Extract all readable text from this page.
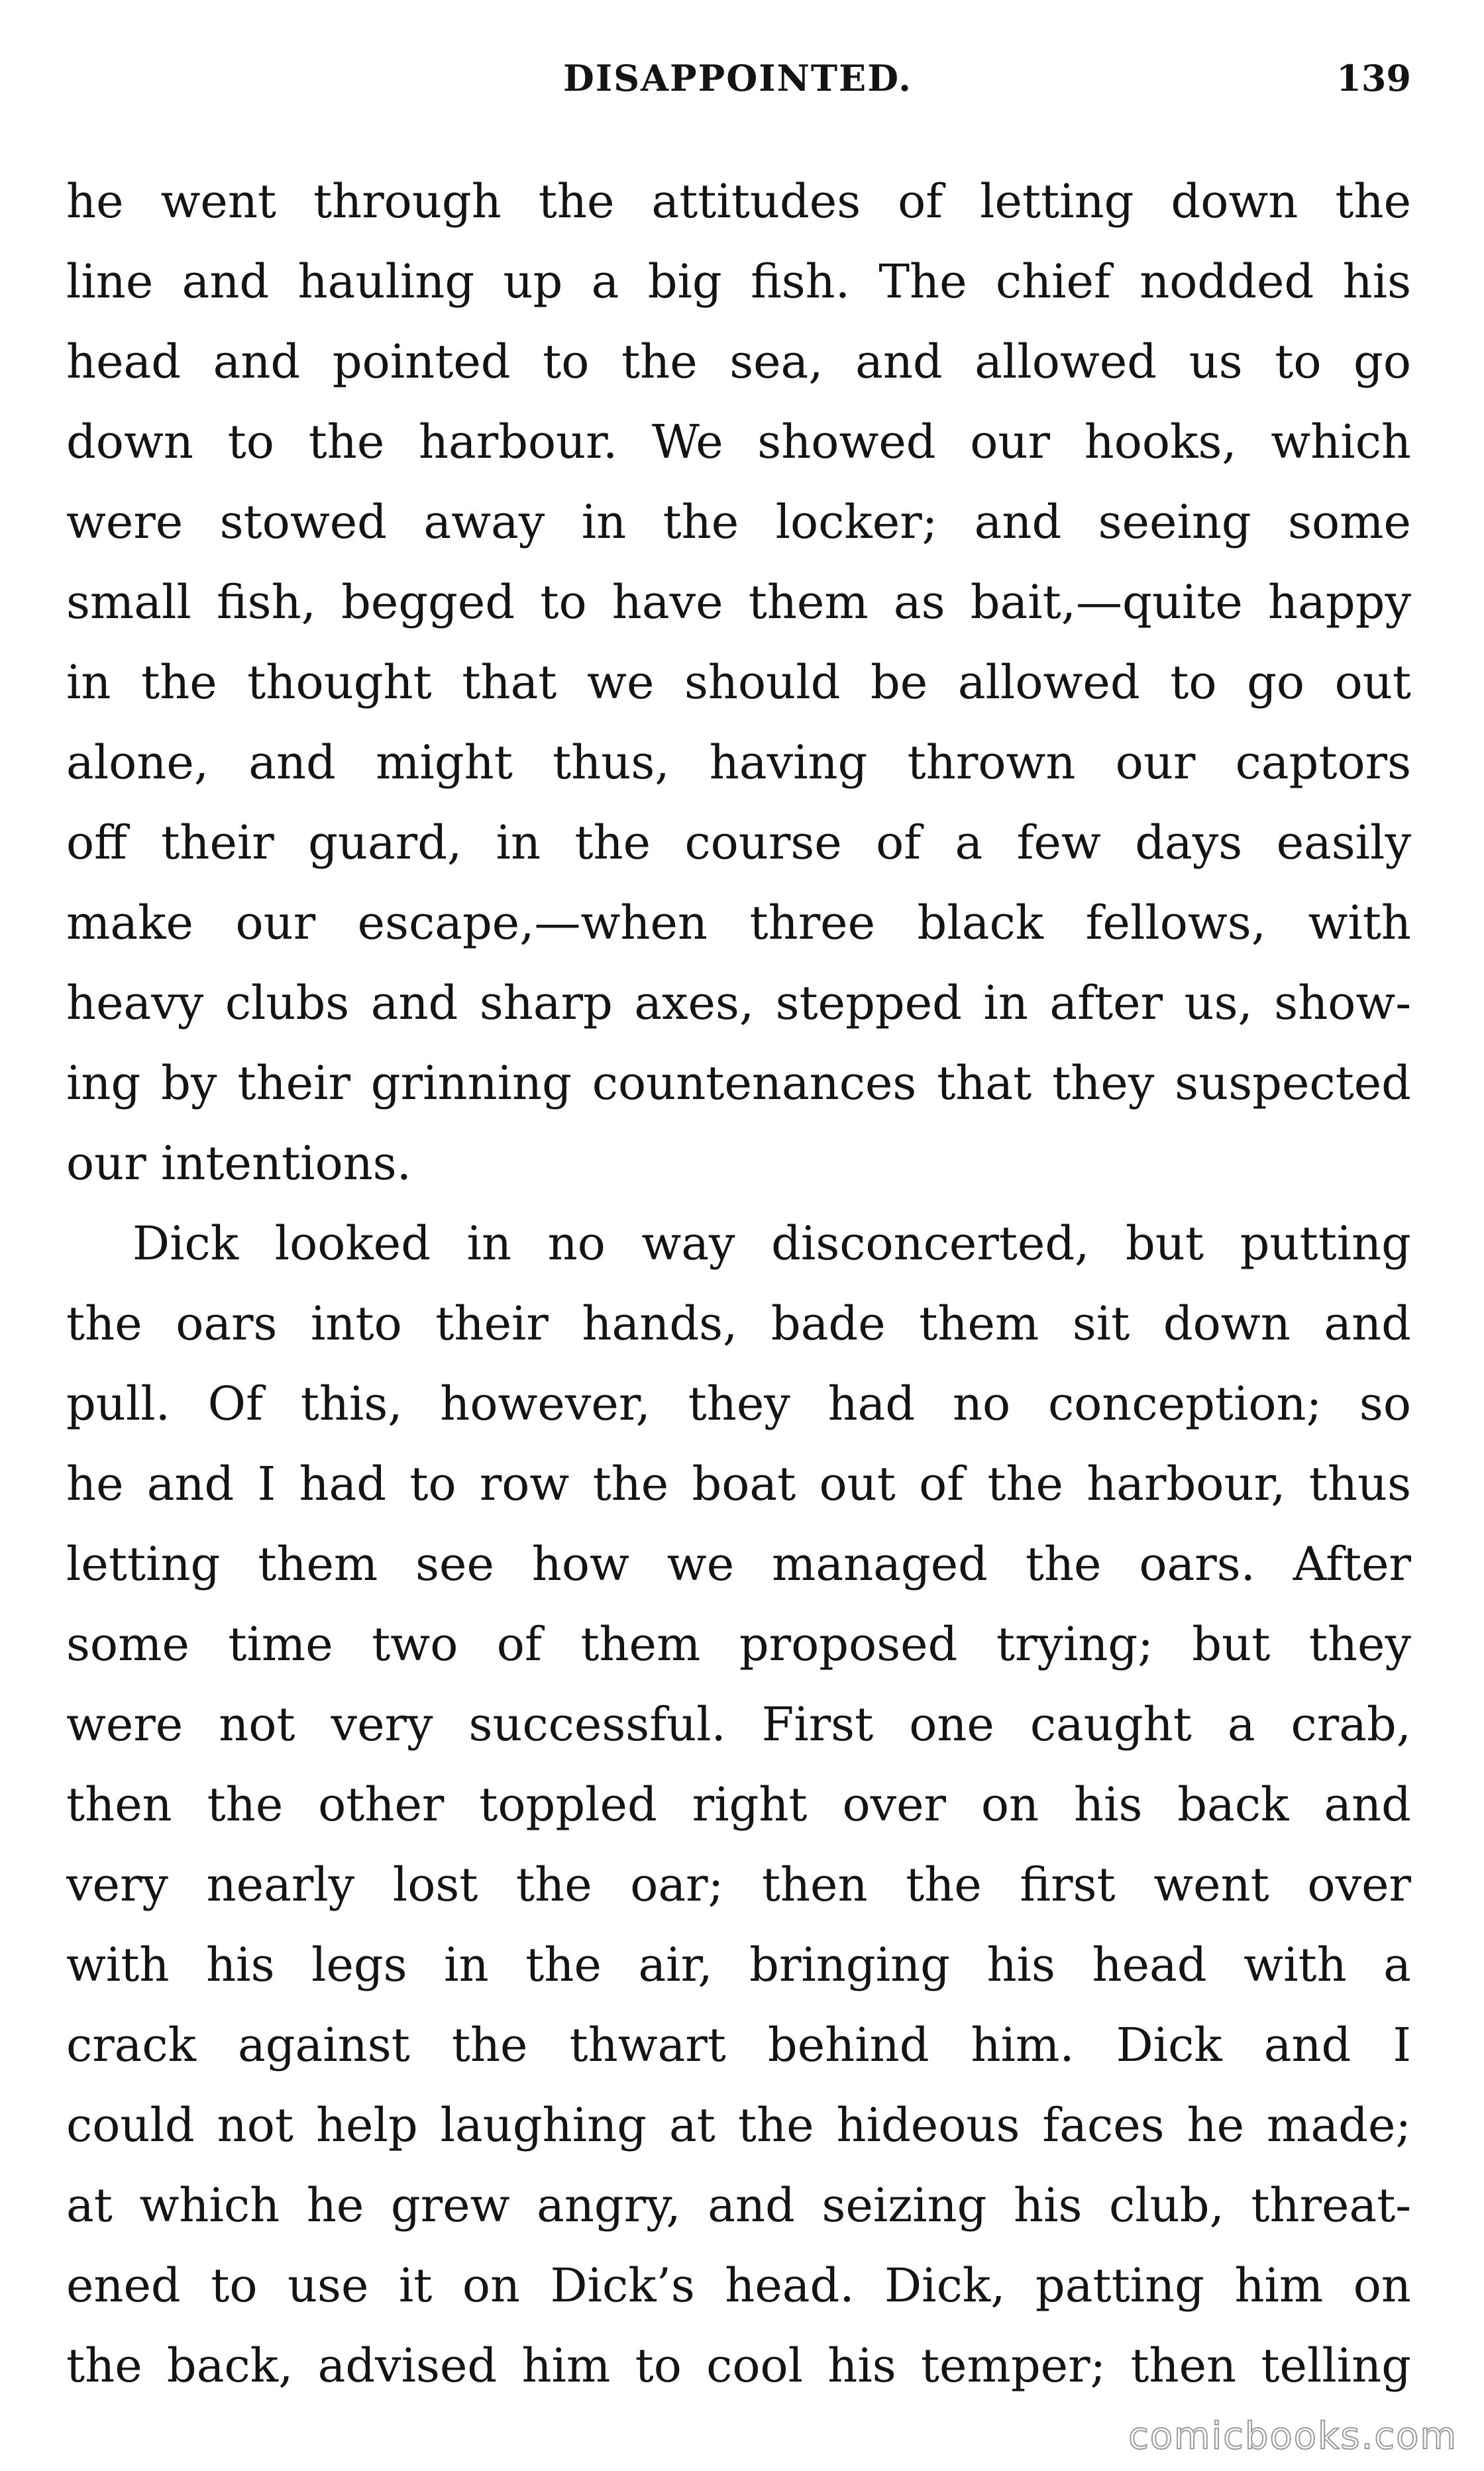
DISAPPOINTED.	139
he went through the attitudes of letting down the
line and hauling up a big fish. The chief nodded his
head and pointed to the sea, and allowed us to go
down to the harbour. We showed our hooks, which
were stowed away in the locker; and seeing some
small fish, begged to have them as bait,—quite happy
in the thought that we should be allowed to go out
alone, and might thus, having thrown our captors
off their guard, in the course of a few days easily
make our escape,—when three black fellows, with
heavy clubs and sharp axes, stepped in after us, show-
ing by their grinning countenances that they suspected
our intentions.
Dick looked in no way disconcerted, but putting
the oars into their hands, bade them sit down and
pull. Of this, however, they had no conception; so
he and I had to row the boat out of the harbour, thus
letting them see how we managed the oars. After
some time two of them proposed trying; but they
were not very successful. First one caught a crab,
then the other toppled right over on his back and
very nearly lost the oar; then the first went over
with his legs in the air, bringing his head with a
crack against the thwart behind him. Dick and I
could not help laughing at the hideous faces he made;
at which he grew angry, and seizing his club, threat-
ened to use it on Dick’s head. Dick, patting him on
the back, advised him to cool his temper; then telling
comicbooks.com
